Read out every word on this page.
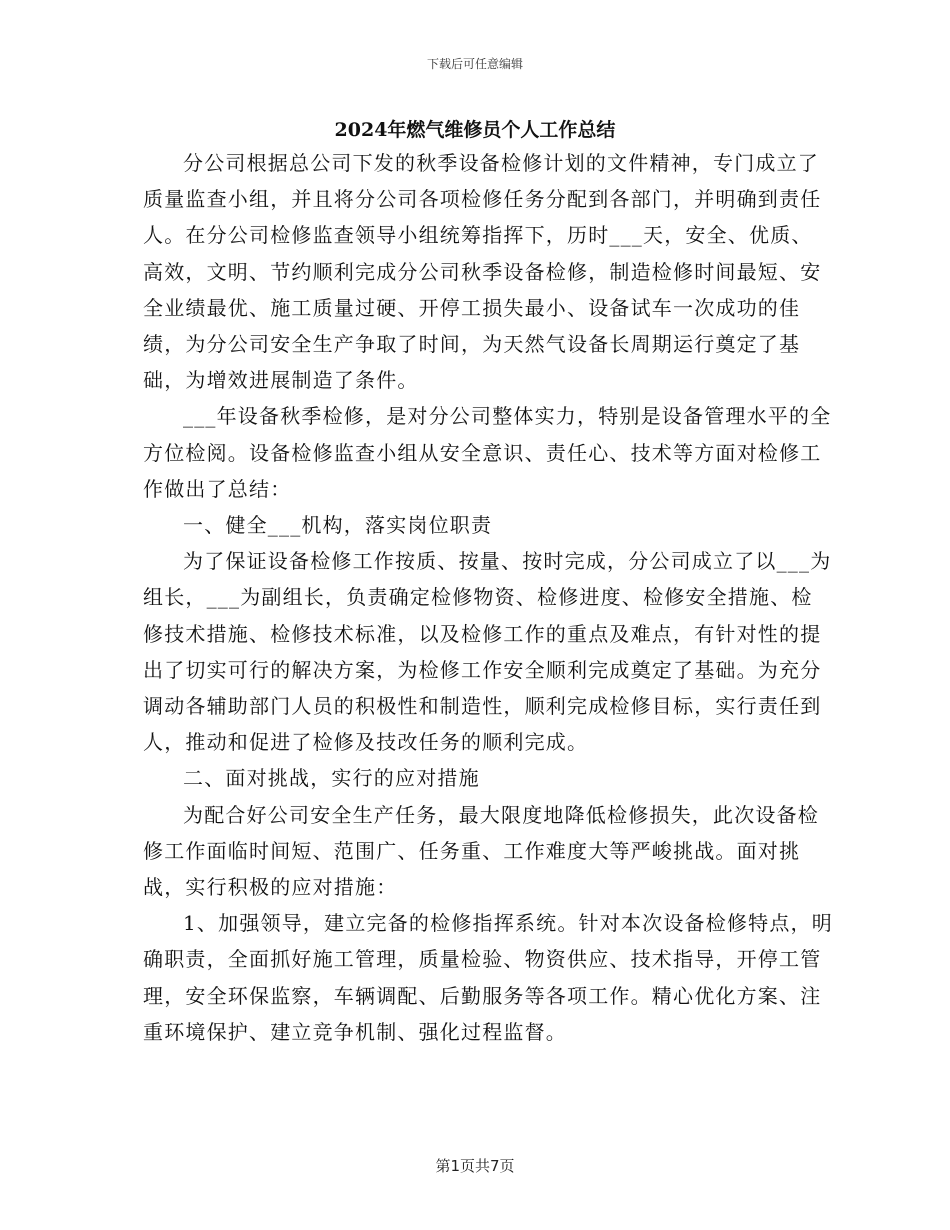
下载后可任意编辑
2024年燃气维修员个人工作总结

分公司根据总公司下发的秋季设备检修计划的文件精神，专门成立了质量监查小组，并且将分公司各项检修任务分配到各部门，并明确到责任人。在分公司检修监查领导小组统筹指挥下，历时___天，安全、优质、高效，文明、节约顺利完成分公司秋季设备检修，制造检修时间最短、安全业绩最优、施工质量过硬、开停工损失最小、设备试车一次成功的佳绩，为分公司安全生产争取了时间，为天然气设备长周期运行奠定了基础，为增效进展制造了条件。

___年设备秋季检修，是对分公司整体实力，特别是设备管理水平的全方位检阅。设备检修监查小组从安全意识、责任心、技术等方面对检修工作做出了总结：

一、健全___机构，落实岗位职责

为了保证设备检修工作按质、按量、按时完成，分公司成立了以___为组长，___为副组长，负责确定检修物资、检修进度、检修安全措施、检修技术措施、检修技术标准，以及检修工作的重点及难点，有针对性的提出了切实可行的解决方案，为检修工作安全顺利完成奠定了基础。为充分调动各辅助部门人员的积极性和制造性，顺利完成检修目标，实行责任到人，推动和促进了检修及技改任务的顺利完成。

二、面对挑战，实行的应对措施

为配合好公司安全生产任务，最大限度地降低检修损失，此次设备检修工作面临时间短、范围广、任务重、工作难度大等严峻挑战。面对挑战，实行积极的应对措施：

1、加强领导，建立完备的检修指挥系统。针对本次设备检修特点，明确职责，全面抓好施工管理，质量检验、物资供应、技术指导，开停工管理，安全环保监察，车辆调配、后勤服务等各项工作。精心优化方案、注重环境保护、建立竞争机制、强化过程监督。

第1页共7页
